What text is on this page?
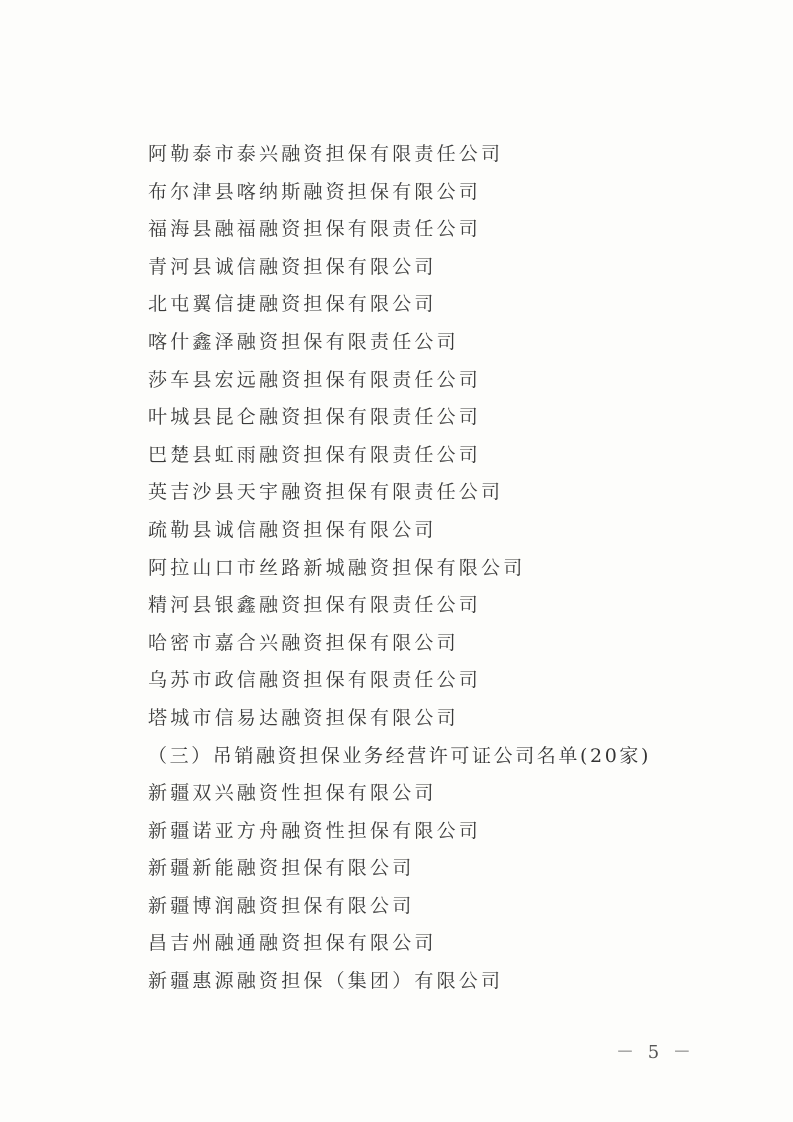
阿勒泰市泰兴融资担保有限责任公司
布尔津县喀纳斯融资担保有限公司
福海县融福融资担保有限责任公司
青河县诚信融资担保有限公司
北屯翼信捷融资担保有限公司
喀什鑫泽融资担保有限责任公司
莎车县宏远融资担保有限责任公司
叶城县昆仑融资担保有限责任公司
巴楚县虹雨融资担保有限责任公司
英吉沙县天宇融资担保有限责任公司
疏勒县诚信融资担保有限公司
阿拉山口市丝路新城融资担保有限公司
精河县银鑫融资担保有限责任公司
哈密市嘉合兴融资担保有限公司
乌苏市政信融资担保有限责任公司
塔城市信易达融资担保有限公司
（三）吊销融资担保业务经营许可证公司名单(20家)
新疆双兴融资性担保有限公司
新疆诺亚方舟融资性担保有限公司
新疆新能融资担保有限公司
新疆博润融资担保有限公司
昌吉州融通融资担保有限公司
新疆惠源融资担保（集团）有限公司
－ 5 －
